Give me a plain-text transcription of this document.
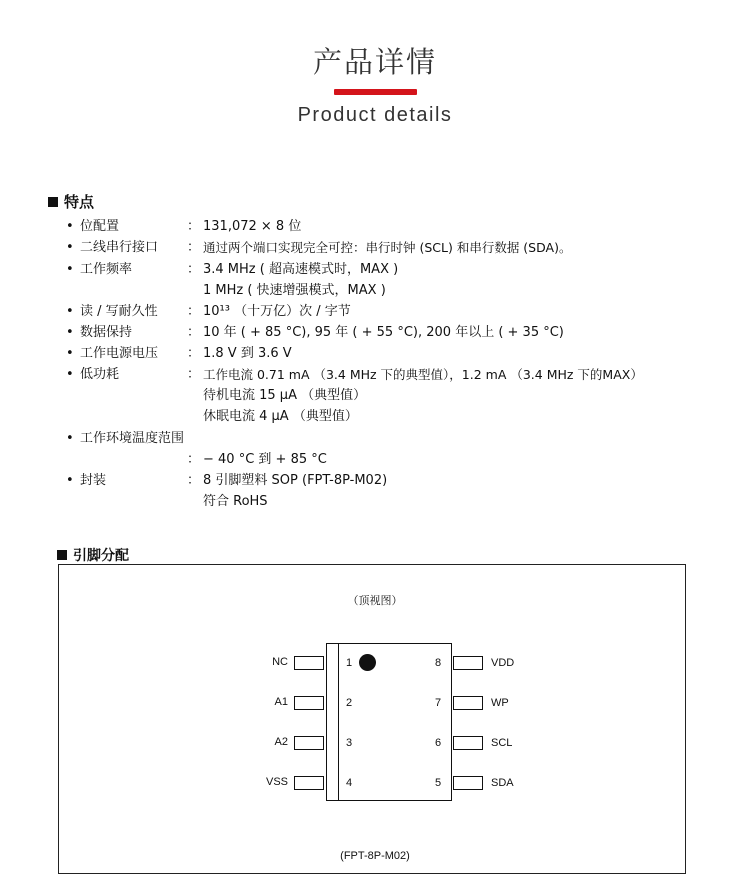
产品详情
Product details
特点
• 位配置	： 131,072 × 8 位
• 二线串行接口 ： 通过两个端口实现完全可控：串行时钟 (SCL) 和串行数据 (SDA)。
• 工作频率	： 3.4 MHz ( 超高速模式时，MAX )
1 MHz ( 快速增强模式，MAX )
• 读 / 写耐久性 ： 10¹³ （十万亿）次 / 字节
• 数据保持	： 10 年 ( + 85 °C), 95 年 ( + 55 °C), 200 年以上 ( + 35 °C)
• 工作电源电压 ： 1.8 V 到 3.6 V
• 低功耗	： 工作电流 0.71 mA （3.4 MHz 下的典型值），1.2 mA （3.4 MHz 下的MAX）
待机电流 15 μA （典型值）
休眠电流 4 μA （典型值）
• 工作环境温度范围
： − 40 °C 到 + 85 °C
• 封装	： 8 引脚塑料 SOP (FPT-8P-M02)
符合 RoHS
引脚分配
（顶视图）
(FPT-8P-M02)
NC	1
A1	2
A2	3
VSS	4
8	VDD
7	WP
6	SCL
5	SDA
